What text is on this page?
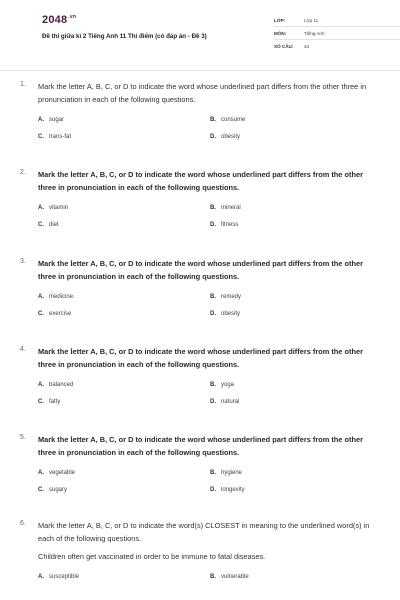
$2048^{.vn}$
Đề thi giữa kì 2 Tiếng Anh 11 Thí điểm (có đáp án - Đề 3)
LỚP:	Lớp 11
MÔN:	Tiếng Anh
SỐ CÂU:	34
1. Mark the letter A, B, C, or D to indicate the word whose underlined part differs from the other three in pronunciation in each of the following questions.
A. sugar	B. consume
C. trans-fat	D. obesity
2. Mark the letter A, B, C, or D to indicate the word whose underlined part differs from the other three in pronunciation in each of the following questions.
A. vitamin	B. mineral
C. diet	D. fitness
3. Mark the letter A, B, C, or D to indicate the word whose underlined part differs from the other three in pronunciation in each of the following questions.
A. medicine.	B. remedy
C. exercise	D. obesity
4. Mark the letter A, B, C, or D to indicate the word whose underlined part differs from the other three in pronunciation in each of the following questions.
A. balanced	B. yoga
C. fatty	D. natural
5. Mark the letter A, B, C, or D to indicate the word whose underlined part differs from the other three in pronunciation in each of the following questions.
A. vegetable	B. hygiene
C. sugary	D. longevity
6. Mark the letter A, B, C, or D to indicate the word(s) CLOSEST in meaning to the underlined word(s) in each of the following questions.
Children often get vaccinated in order to be immune to fatal diseases.
A. susceptible	B. vulnerable
